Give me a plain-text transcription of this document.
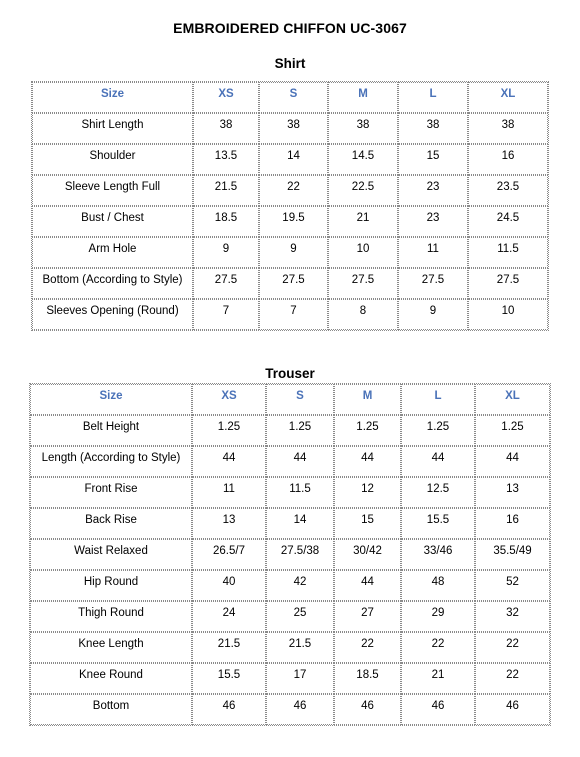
EMBROIDERED CHIFFON UC-3067
Shirt
Size	XS	S	M	L	XL
Shirt Length	38	38	38	38	38
Shoulder	13.5	14	14.5	15	16
Sleeve Length Full	21.5	22	22.5	23	23.5
Bust / Chest	18.5	19.5	21	23	24.5
Arm Hole	9	9	10	11	11.5
Bottom (According to Style)	27.5	27.5	27.5	27.5	27.5
Sleeves Opening (Round)	7	7	8	9	10
Trouser
Size	XS	S	M	L	XL
Belt Height	1.25	1.25	1.25	1.25	1.25
Length (According to Style)	44	44	44	44	44
Front Rise	11	11.5	12	12.5	13
Back Rise	13	14	15	15.5	16
Waist Relaxed	26.5/7	27.5/38	30/42	33/46	35.5/49
Hip Round	40	42	44	48	52
Thigh Round	24	25	27	29	32
Knee Length	21.5	21.5	22	22	22
Knee Round	15.5	17	18.5	21	22
Bottom	46	46	46	46	46
